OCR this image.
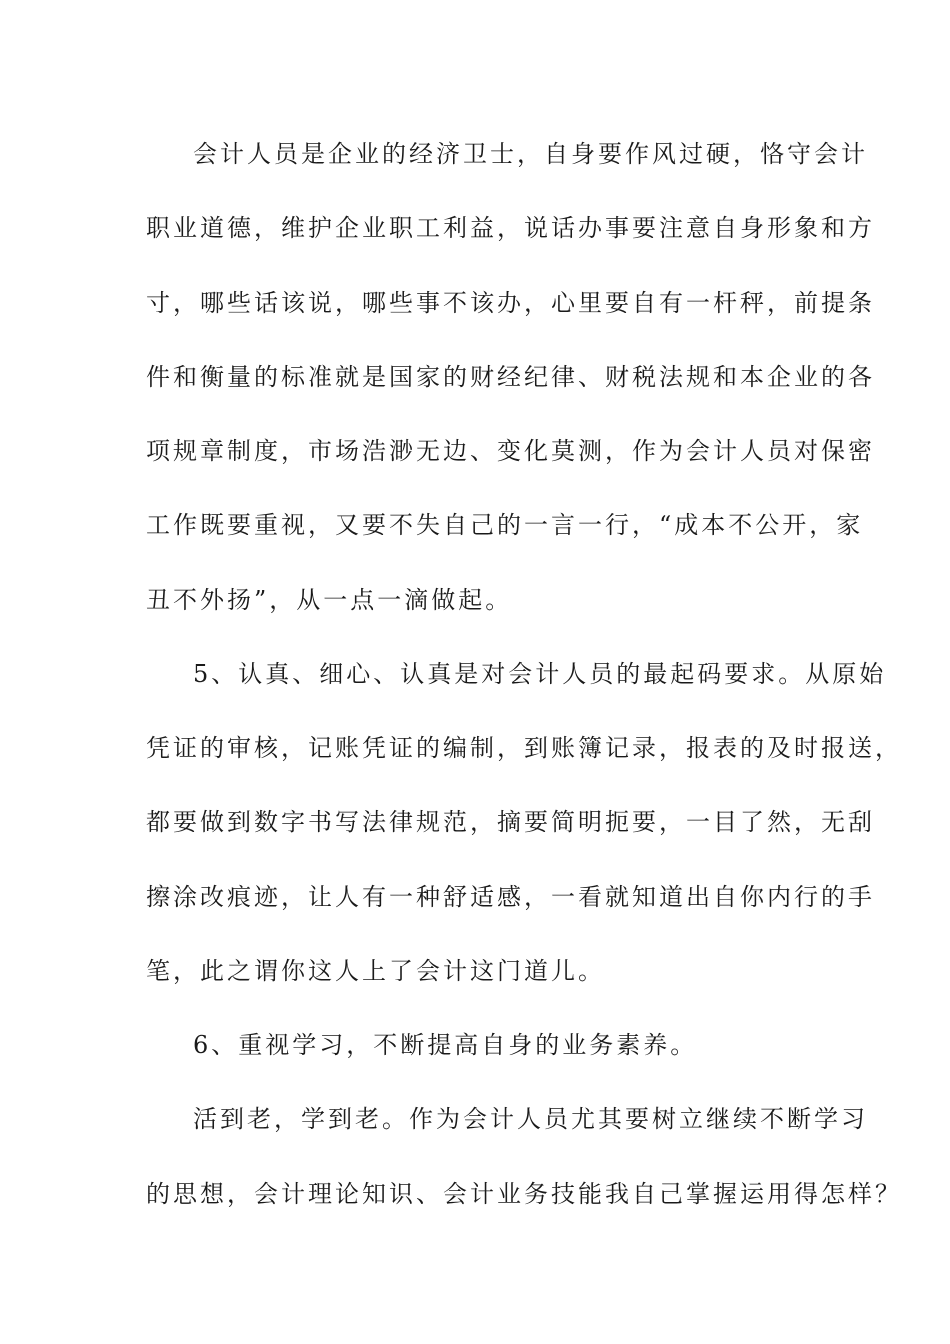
会计人员是企业的经济卫士，自身要作风过硬，恪守会计
职业道德，维护企业职工利益，说话办事要注意自身形象和方
寸，哪些话该说，哪些事不该办，心里要自有一杆秤，前提条
件和衡量的标准就是国家的财经纪律、财税法规和本企业的各
项规章制度，市场浩渺无边、变化莫测，作为会计人员对保密
工作既要重视，又要不失自己的一言一行，“成本不公开，家
丑不外扬”，从一点一滴做起。
5、认真、细心、认真是对会计人员的最起码要求。从原始
凭证的审核，记账凭证的编制，到账簿记录，报表的及时报送，
都要做到数字书写法律规范，摘要简明扼要，一目了然，无刮
擦涂改痕迹，让人有一种舒适感，一看就知道出自你内行的手
笔，此之谓你这人上了会计这门道儿。
6、重视学习，不断提高自身的业务素养。
活到老，学到老。作为会计人员尤其要树立继续不断学习
的思想，会计理论知识、会计业务技能我自己掌握运用得怎样？
